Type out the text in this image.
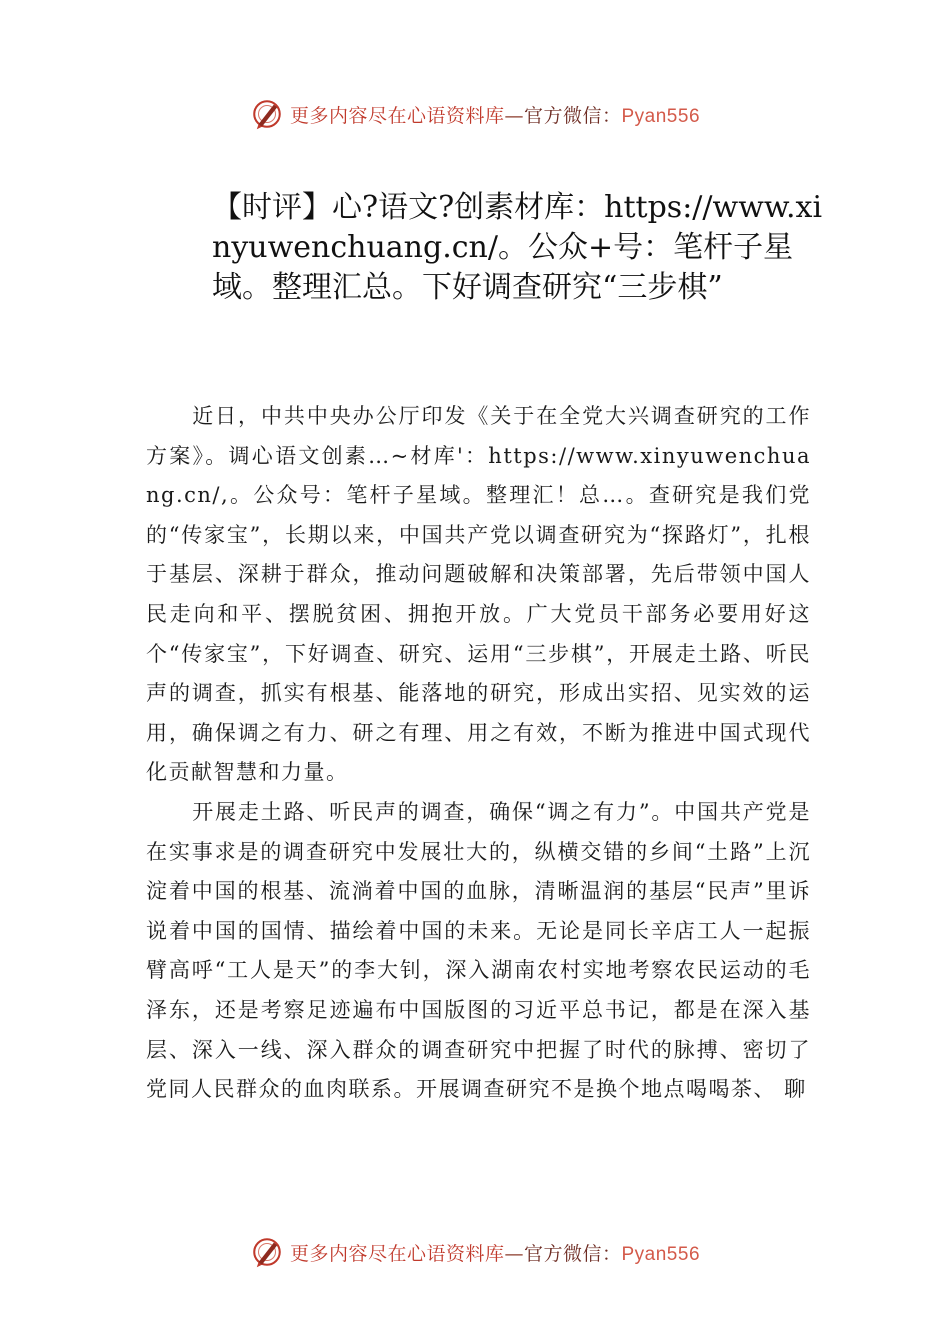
更多内容尽在心语资料库—官方微信：Pyan556
【时评】心?语文?创素材库：https://www.xinyuwenchuang.cn/。公众+号：笔杆子星域。整理汇总。下好调查研究“三步棋”

近日，中共中央办公厅印发《关于在全党大兴调查研究的工作方案》。调心语文创素…~材库'：https://www.xinyuwenchuang.cn/,。公众号：笔杆子星域。整理汇！总…。查研究是我们党的“传家宝”，长期以来，中国共产党以调查研究为“探路灯”，扎根于基层、深耕于群众，推动问题破解和决策部署，先后带领中国人民走向和平、摆脱贫困、拥抱开放。广大党员干部务必要用好这个“传家宝”，下好调查、研究、运用“三步棋”，开展走土路、听民声的调查，抓实有根基、能落地的研究，形成出实招、见实效的运用，确保调之有力、研之有理、用之有效，不断为推进中国式现代化贡献智慧和力量。

开展走土路、听民声的调查，确保“调之有力”。中国共产党是在实事求是的调查研究中发展壮大的，纵横交错的乡间“土路”上沉淀着中国的根基、流淌着中国的血脉，清晰温润的基层“民声”里诉说着中国的国情、描绘着中国的未来。无论是同长辛店工人一起振臂高呼“工人是天”的李大钊，深入湖南农村实地考察农民运动的毛泽东，还是考察足迹遍布中国版图的习近平总书记，都是在深入基层、深入一线、深入群众的调查研究中把握了时代的脉搏、密切了党同人民群众的血肉联系。开展调查研究不是换个地点喝喝茶、 聊

更多内容尽在心语资料库—官方微信：Pyan556
